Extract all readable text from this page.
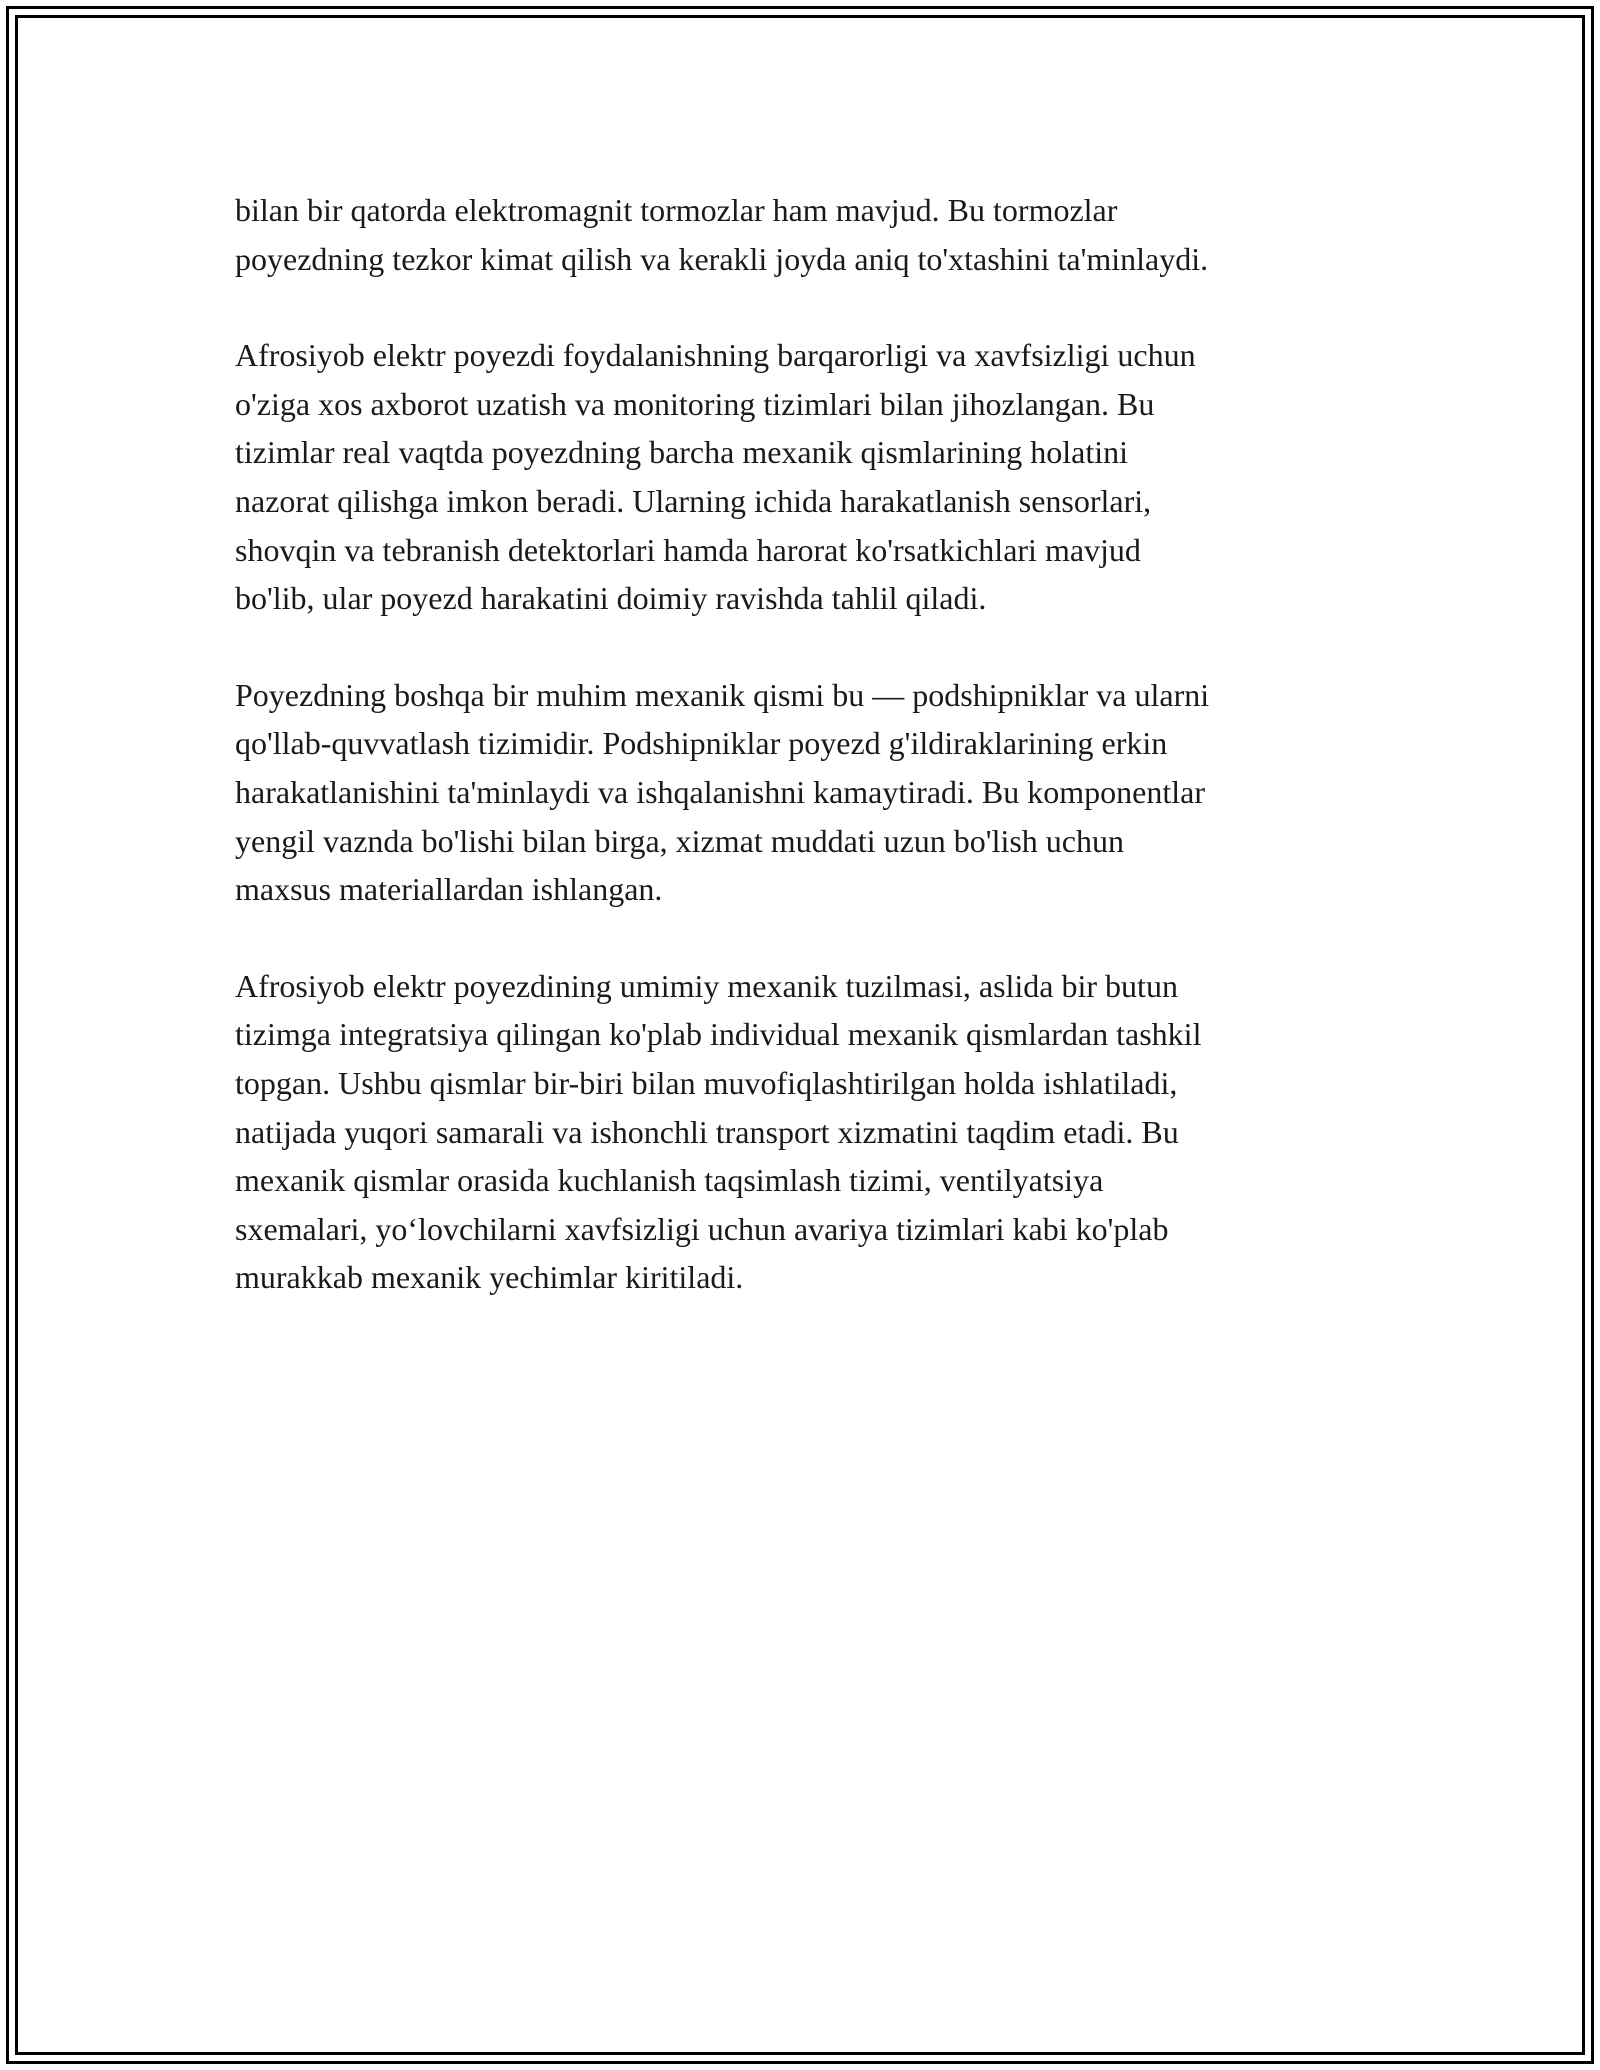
bilan bir qatorda elektromagnit tormozlar ham mavjud. Bu tormozlar
poyezdning tezkor kimat qilish va kerakli joyda aniq to'xtashini ta'minlaydi.

Afrosiyob elektr poyezdi foydalanishning barqarorligi va xavfsizligi uchun
o'ziga xos axborot uzatish va monitoring tizimlari bilan jihozlangan. Bu
tizimlar real vaqtda poyezdning barcha mexanik qismlarining holatini
nazorat qilishga imkon beradi. Ularning ichida harakatlanish sensorlari,
shovqin va tebranish detektorlari hamda harorat ko'rsatkichlari mavjud
bo'lib, ular poyezd harakatini doimiy ravishda tahlil qiladi.

Poyezdning boshqa bir muhim mexanik qismi bu — podshipniklar va ularni
qo'llab-quvvatlash tizimidir. Podshipniklar poyezd g'ildiraklarining erkin
harakatlanishini ta'minlaydi va ishqalanishni kamaytiradi. Bu komponentlar
yengil vaznda bo'lishi bilan birga, xizmat muddati uzun bo'lish uchun
maxsus materiallardan ishlangan.

Afrosiyob elektr poyezdining umimiy mexanik tuzilmasi, aslida bir butun
tizimga integratsiya qilingan ko'plab individual mexanik qismlardan tashkil
topgan. Ushbu qismlar bir-biri bilan muvofiqlashtirilgan holda ishlatiladi,
natijada yuqori samarali va ishonchli transport xizmatini taqdim etadi. Bu
mexanik qismlar orasida kuchlanish taqsimlash tizimi, ventilyatsiya
sxemalari, yo‘lovchilarni xavfsizligi uchun avariya tizimlari kabi ko'plab
murakkab mexanik yechimlar kiritiladi.
